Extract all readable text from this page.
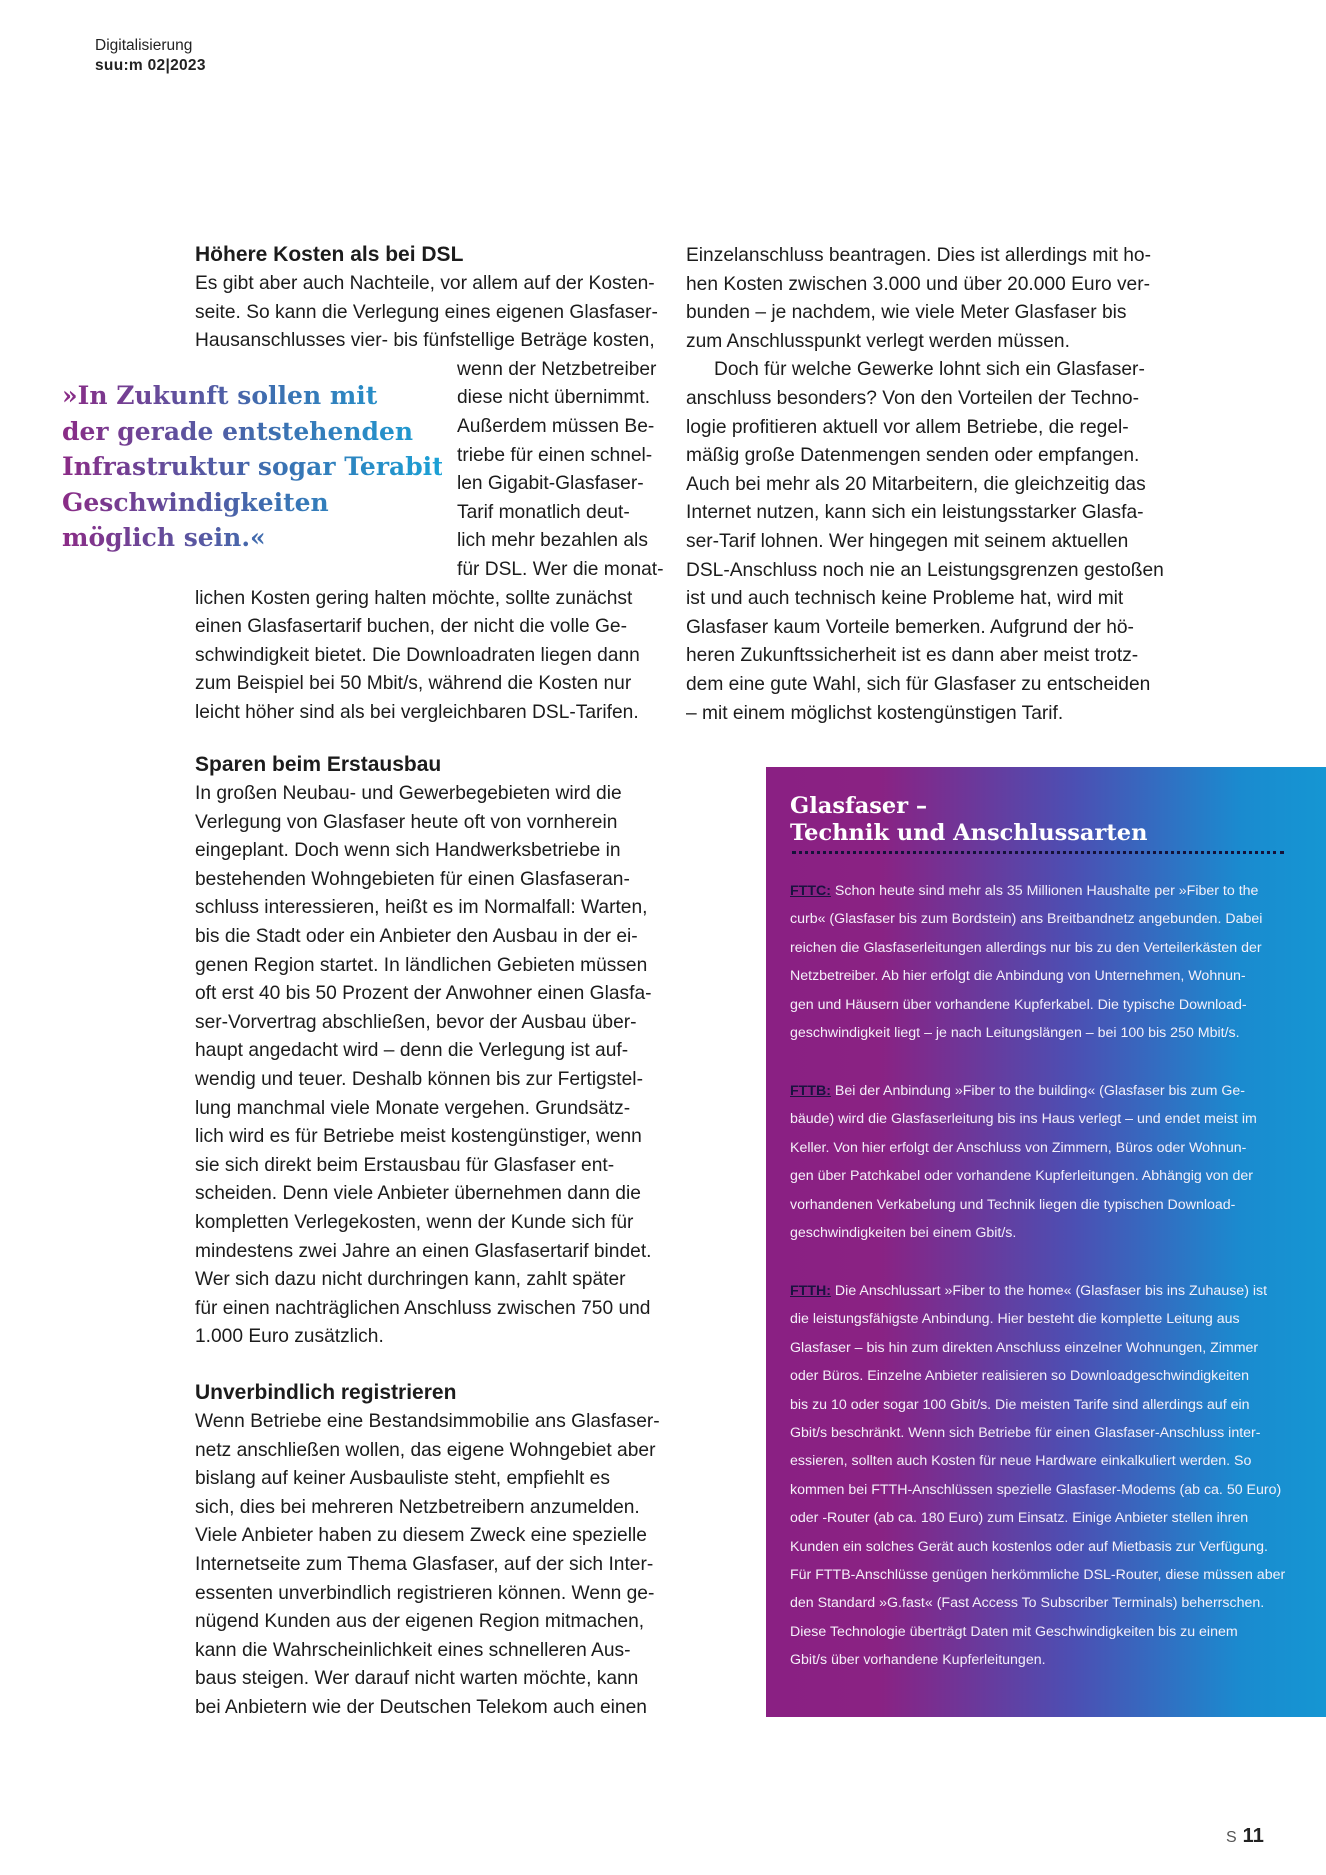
Digitalisierung
suu:m 02|2023
»In Zukunft sollen mit
der gerade entstehenden
Infrastruktur sogar Terabit-
Geschwindigkeiten
möglich sein.«
Höhere Kosten als bei DSL

Es gibt aber auch Nachteile, vor allem auf der Kosten-
seite. So kann die Verlegung eines eigenen Glasfaser-
Hausanschlusses vier- bis fünfstellige Beträge kosten,
wenn der Netzbetreiber
diese nicht übernimmt.
Außerdem müssen Be-
triebe für einen schnel-
len Gigabit-Glasfaser-
Tarif monatlich deut-
lich mehr bezahlen als
für DSL. Wer die monat-
lichen Kosten gering halten möchte, sollte zunächst
einen Glasfasertarif buchen, der nicht die volle Ge-
schwindigkeit bietet. Die Downloadraten liegen dann
zum Beispiel bei 50 Mbit/s, während die Kosten nur
leicht höher sind als bei vergleichbaren DSL-Tarifen.

Sparen beim Erstausbau

In großen Neubau- und Gewerbegebieten wird die
Verlegung von Glasfaser heute oft von vornherein
eingeplant. Doch wenn sich Handwerksbetriebe in
bestehenden Wohngebieten für einen Glasfaseran-
schluss interessieren, heißt es im Normalfall: Warten,
bis die Stadt oder ein Anbieter den Ausbau in der ei-
genen Region startet. In ländlichen Gebieten müssen
oft erst 40 bis 50 Prozent der Anwohner einen Glasfa-
ser-Vorvertrag abschließen, bevor der Ausbau über-
haupt angedacht wird – denn die Verlegung ist auf-
wendig und teuer. Deshalb können bis zur Fertigstel-
lung manchmal viele Monate vergehen. Grundsätz-
lich wird es für Betriebe meist kostengünstiger, wenn
sie sich direkt beim Erstausbau für Glasfaser ent-
scheiden. Denn viele Anbieter übernehmen dann die
kompletten Verlegekosten, wenn der Kunde sich für
mindestens zwei Jahre an einen Glasfasertarif bindet.
Wer sich dazu nicht durchringen kann, zahlt später
für einen nachträglichen Anschluss zwischen 750 und
1.000 Euro zusätzlich.

Unverbindlich registrieren

Wenn Betriebe eine Bestandsimmobilie ans Glasfaser-
netz anschließen wollen, das eigene Wohngebiet aber
bislang auf keiner Ausbauliste steht, empfiehlt es
sich, dies bei mehreren Netzbetreibern anzumelden.
Viele Anbieter haben zu diesem Zweck eine spezielle
Internetseite zum Thema Glasfaser, auf der sich Inter-
essenten unverbindlich registrieren können. Wenn ge-
nügend Kunden aus der eigenen Region mitmachen,
kann die Wahrscheinlichkeit eines schnelleren Aus-
baus steigen. Wer darauf nicht warten möchte, kann
bei Anbietern wie der Deutschen Telekom auch einen

Einzelanschluss beantragen. Dies ist allerdings mit ho-
hen Kosten zwischen 3.000 und über 20.000 Euro ver-
bunden – je nachdem, wie viele Meter Glasfaser bis
zum Anschlusspunkt verlegt werden müssen.

Doch für welche Gewerke lohnt sich ein Glasfaser-
anschluss besonders? Von den Vorteilen der Techno-
logie profitieren aktuell vor allem Betriebe, die regel-
mäßig große Datenmengen senden oder empfangen.
Auch bei mehr als 20 Mitarbeitern, die gleichzeitig das
Internet nutzen, kann sich ein leistungsstarker Glasfa-
ser-Tarif lohnen. Wer hingegen mit seinem aktuellen
DSL-Anschluss noch nie an Leistungsgrenzen gestoßen
ist und auch technisch keine Probleme hat, wird mit
Glasfaser kaum Vorteile bemerken. Aufgrund der hö-
heren Zukunftssicherheit ist es dann aber meist trotz-
dem eine gute Wahl, sich für Glasfaser zu entscheiden
– mit einem möglichst kostengünstigen Tarif.

Glasfaser –
Technik und Anschlussarten
FTTC: Schon heute sind mehr als 35 Millionen Haushalte per »Fiber to the
curb« (Glasfaser bis zum Bordstein) ans Breitbandnetz angebunden. Dabei
reichen die Glasfaserleitungen allerdings nur bis zu den Verteilerkästen der
Netzbetreiber. Ab hier erfolgt die Anbindung von Unternehmen, Wohnun-
gen und Häusern über vorhandene Kupferkabel. Die typische Download-
geschwindigkeit liegt – je nach Leitungslängen – bei 100 bis 250 Mbit/s.
FTTB: Bei der Anbindung »Fiber to the building« (Glasfaser bis zum Ge-
bäude) wird die Glasfaserleitung bis ins Haus verlegt – und endet meist im
Keller. Von hier erfolgt der Anschluss von Zimmern, Büros oder Wohnun-
gen über Patchkabel oder vorhandene Kupferleitungen. Abhängig von der
vorhandenen Verkabelung und Technik liegen die typischen Download-
geschwindigkeiten bei einem Gbit/s.
FTTH: Die Anschlussart »Fiber to the home« (Glasfaser bis ins Zuhause) ist
die leistungsfähigste Anbindung. Hier besteht die komplette Leitung aus
Glasfaser – bis hin zum direkten Anschluss einzelner Wohnungen, Zimmer
oder Büros. Einzelne Anbieter realisieren so Downloadgeschwindigkeiten
bis zu 10 oder sogar 100 Gbit/s. Die meisten Tarife sind allerdings auf ein
Gbit/s beschränkt. Wenn sich Betriebe für einen Glasfaser-Anschluss inter-
essieren, sollten auch Kosten für neue Hardware einkalkuliert werden. So
kommen bei FTTH-Anschlüssen spezielle Glasfaser-Modems (ab ca. 50 Euro)
oder -Router (ab ca. 180 Euro) zum Einsatz. Einige Anbieter stellen ihren
Kunden ein solches Gerät auch kostenlos oder auf Mietbasis zur Verfügung.
Für FTTB-Anschlüsse genügen herkömmliche DSL-Router, diese müssen aber
den Standard »G.fast« (Fast Access To Subscriber Terminals) beherrschen.
Diese Technologie überträgt Daten mit Geschwindigkeiten bis zu einem
Gbit/s über vorhandene Kupferleitungen.
S 11
